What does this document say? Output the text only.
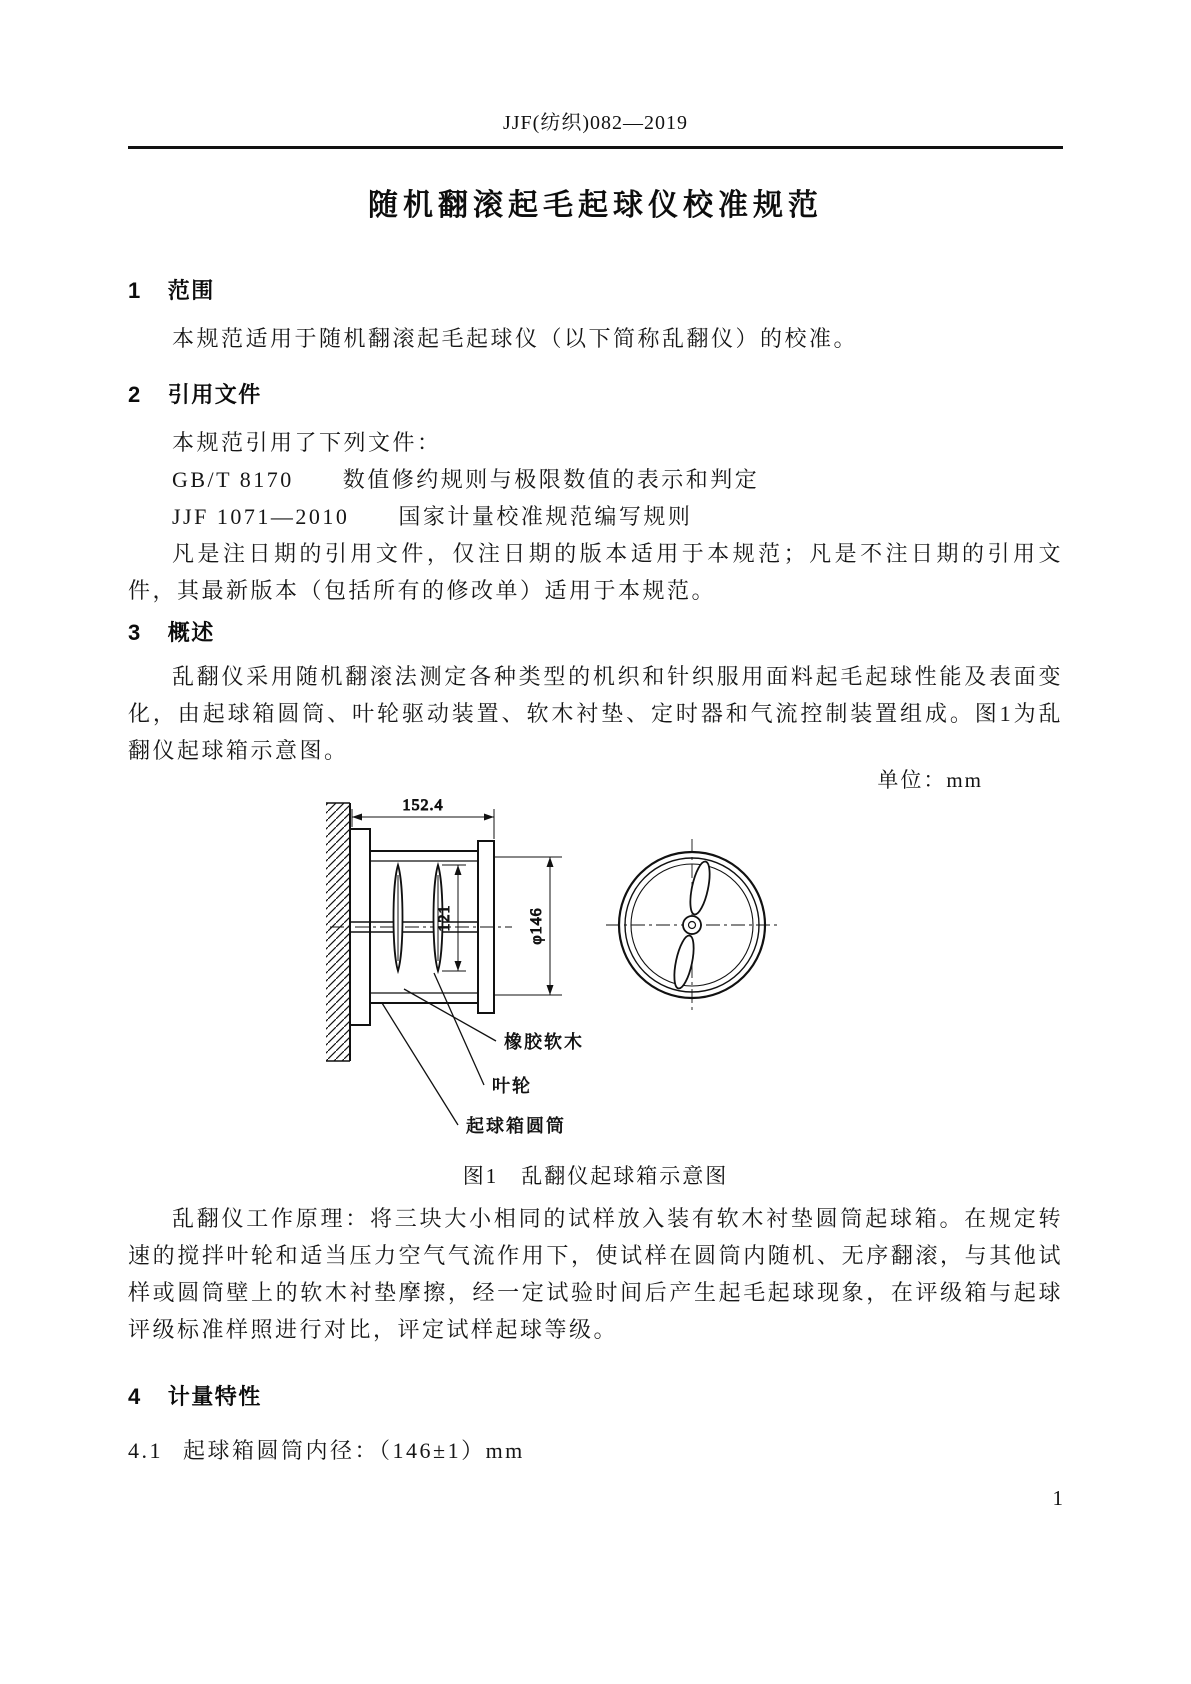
JJF(纺织)082—2019
随机翻滚起毛起球仪校准规范
1 范围
本规范适用于随机翻滚起毛起球仪（以下简称乱翻仪）的校准。
2 引用文件
本规范引用了下列文件：
GB/T 8170　　数值修约规则与极限数值的表示和判定
JJF 1071—2010　　国家计量校准规范编写规则
凡是注日期的引用文件，仅注日期的版本适用于本规范；凡是不注日期的引用文件，其最新版本（包括所有的修改单）适用于本规范。
3 概述
乱翻仪采用随机翻滚法测定各种类型的机织和针织服用面料起毛起球性能及表面变化，由起球箱圆筒、叶轮驱动装置、软木衬垫、定时器和气流控制装置组成。图1为乱翻仪起球箱示意图。
单位：mm
152.4
121	φ146
橡胶软木
叶轮
起球箱圆筒
图1　乱翻仪起球箱示意图
乱翻仪工作原理：将三块大小相同的试样放入装有软木衬垫圆筒起球箱。在规定转速的搅拌叶轮和适当压力空气气流作用下，使试样在圆筒内随机、无序翻滚，与其他试样或圆筒壁上的软木衬垫摩擦，经一定试验时间后产生起毛起球现象，在评级箱与起球评级标准样照进行对比，评定试样起球等级。
4 计量特性
4.1 起球箱圆筒内径：（146±1）mm
1
